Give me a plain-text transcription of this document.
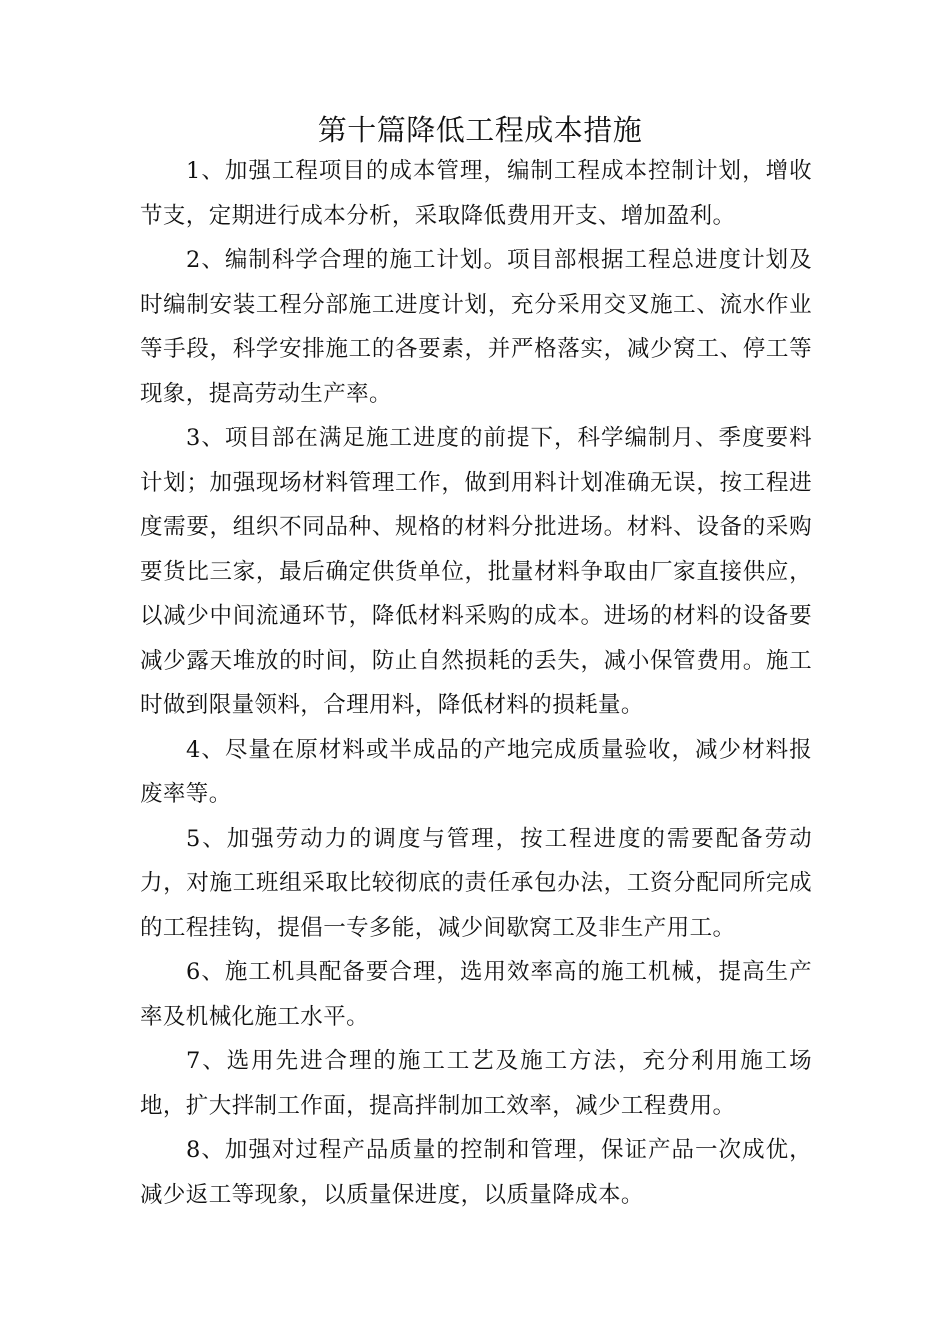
第十篇降低工程成本措施

1、加强工程项目的成本管理，编制工程成本控制计划，增收节支，定期进行成本分析，采取降低费用开支、增加盈利。

2、编制科学合理的施工计划。项目部根据工程总进度计划及时编制安装工程分部施工进度计划，充分采用交叉施工、流水作业等手段，科学安排施工的各要素，并严格落实，减少窝工、停工等现象，提高劳动生产率。

3、项目部在满足施工进度的前提下，科学编制月、季度要料计划；加强现场材料管理工作，做到用料计划准确无误，按工程进度需要，组织不同品种、规格的材料分批进场。材料、设备的采购要货比三家，最后确定供货单位，批量材料争取由厂家直接供应，以减少中间流通环节，降低材料采购的成本。进场的材料的设备要减少露天堆放的时间，防止自然损耗的丢失，减小保管费用。施工时做到限量领料，合理用料，降低材料的损耗量。

4、尽量在原材料或半成品的产地完成质量验收，减少材料报废率等。

5、加强劳动力的调度与管理，按工程进度的需要配备劳动力，对施工班组采取比较彻底的责任承包办法，工资分配同所完成的工程挂钩，提倡一专多能，减少间歇窝工及非生产用工。

6、施工机具配备要合理，选用效率高的施工机械，提高生产率及机械化施工水平。

7、选用先进合理的施工工艺及施工方法，充分利用施工场地，扩大拌制工作面，提高拌制加工效率，减少工程费用。

8、加强对过程产品质量的控制和管理，保证产品一次成优，减少返工等现象，以质量保进度，以质量降成本。
